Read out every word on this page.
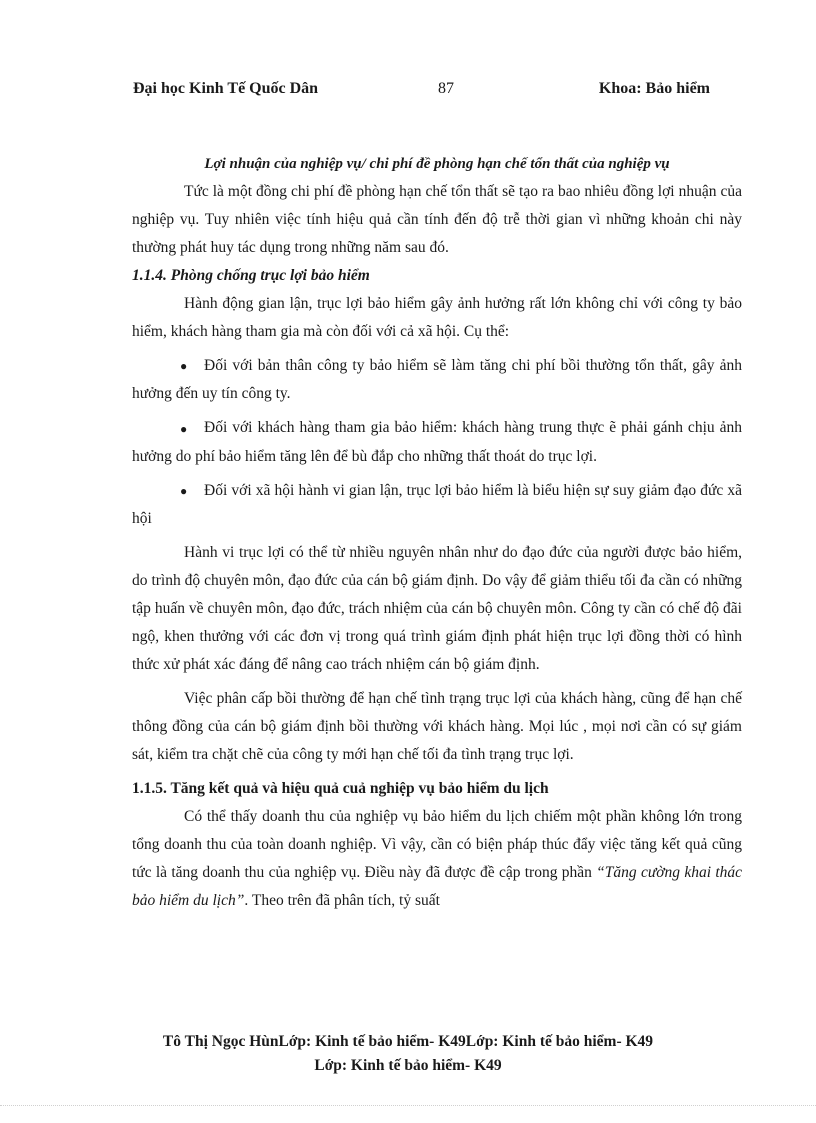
Đại học Kinh Tế Quốc Dân	87	Khoa: Bảo hiểm

Lợi nhuận của nghiệp vụ/ chi phí đề phòng hạn chế tổn thất của nghiệp vụ

Tức là một đồng chi phí đề phòng hạn chế tổn thất sẽ tạo ra bao nhiêu đồng lợi nhuận của nghiệp vụ. Tuy nhiên việc tính hiệu quả cần tính đến độ trễ thời gian vì những khoản chi này thường phát huy tác dụng trong những năm sau đó.

1.1.4. Phòng chống trục lợi bảo hiểm

Hành động gian lận, trục lợi bảo hiểm gây ảnh hưởng rất lớn không chỉ với công ty bảo hiểm, khách hàng tham gia mà còn đối với cả xã hội. Cụ thể:

● Đối với bản thân công ty bảo hiểm sẽ làm tăng chi phí bồi thường tổn thất, gây ảnh hưởng đến uy tín công ty.
● Đối với khách hàng tham gia bảo hiểm: khách hàng trung thực ẽ phải gánh chịu ảnh hưởng do phí bảo hiểm tăng lên để bù đắp cho những thất thoát do trục lợi.
● Đối với xã hội hành vi gian lận, trục lợi bảo hiểm là biểu hiện sự suy giảm đạo đức xã hội

Hành vi trục lợi có thể từ nhiều nguyên nhân như do đạo đức của người được bảo hiểm, do trình độ chuyên môn, đạo đức của cán bộ giám định. Do vậy để giảm thiểu tối đa cần có những tập huấn về chuyên môn, đạo đức, trách nhiệm của cán bộ chuyên môn. Công ty cần có chế độ đãi ngộ, khen thưởng với các đơn vị trong quá trình giám định phát hiện trục lợi đồng thời có hình thức xử phát xác đáng để nâng cao trách nhiệm cán bộ giám định.

Việc phân cấp bồi thường để hạn chế tình trạng trục lợi của khách hàng, cũng để hạn chế thông đồng của cán bộ giám định bồi thường với khách hàng. Mọi lúc , mọi nơi cần có sự giám sát, kiểm tra chặt chẽ của công ty mới hạn chế tối đa tình trạng trục lợi.

1.1.5. Tăng kết quả và hiệu quả cuả nghiệp vụ bảo hiểm du lịch

Có thể thấy doanh thu của nghiệp vụ bảo hiểm du lịch chiếm một phần không lớn trong tổng doanh thu của toàn doanh nghiệp. Vì vậy, cần có biện pháp thúc đẩy việc tăng kết quả cũng tức là tăng doanh thu của nghiệp vụ. Điều này đã được đề cập trong phần “Tăng cường khai thác bảo hiểm du lịch”. Theo trên đã phân tích, tỷ suất

Tô Thị Ngọc HùnLớp: Kinh tế bảo hiểm- K49Lớp: Kinh tế bảo hiểm- K49
Lớp: Kinh tế bảo hiểm- K49
